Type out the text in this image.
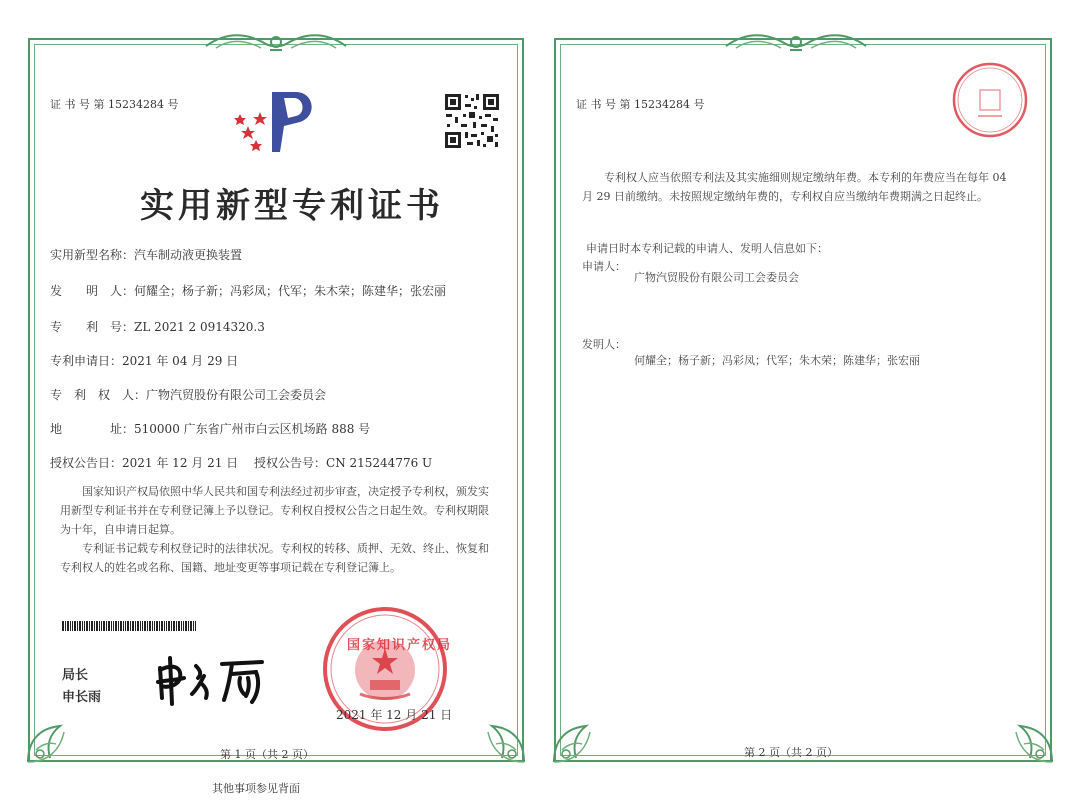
证 书 号 第 15234284 号
实用新型专利证书
实用新型名称：汽车制动液更换装置
发　　明　人：何耀全；杨子新；冯彩凤；代军；朱木荣；陈建华；张宏丽
专　　利　号：ZL 2021 2 0914320.3
专利申请日：2021 年 04 月 29 日
专　利　权　人：广物汽贸股份有限公司工会委员会
地　　　　址：510000 广东省广州市白云区机场路 888 号
授权公告日：2021 年 12 月 21 日 授权公告号：CN 215244776 U
国家知识产权局依照中华人民共和国专利法经过初步审查，决定授予专利权，颁发实用新型专利证书并在专利登记簿上予以登记。专利权自授权公告之日起生效。专利权期限为十年，自申请日起算。
专利证书记载专利权登记时的法律状况。专利权的转移、质押、无效、终止、恢复和专利权人的姓名或名称、国籍、地址变更等事项记载在专利登记簿上。
局长
申长雨
国家知识产权局
2021 年 12 月 21 日
第 1 页（共 2 页）
其他事项参见背面
证 书 号 第 15234284 号
专利权人应当依照专利法及其实施细则规定缴纳年费。本专利的年费应当在每年 04 月 29 日前缴纳。未按照规定缴纳年费的，专利权自应当缴纳年费期满之日起终止。
申请日时本专利记载的申请人、发明人信息如下：
申请人：
广物汽贸股份有限公司工会委员会
发明人：
何耀全；杨子新；冯彩凤；代军；朱木荣；陈建华；张宏丽
第 2 页（共 2 页）
